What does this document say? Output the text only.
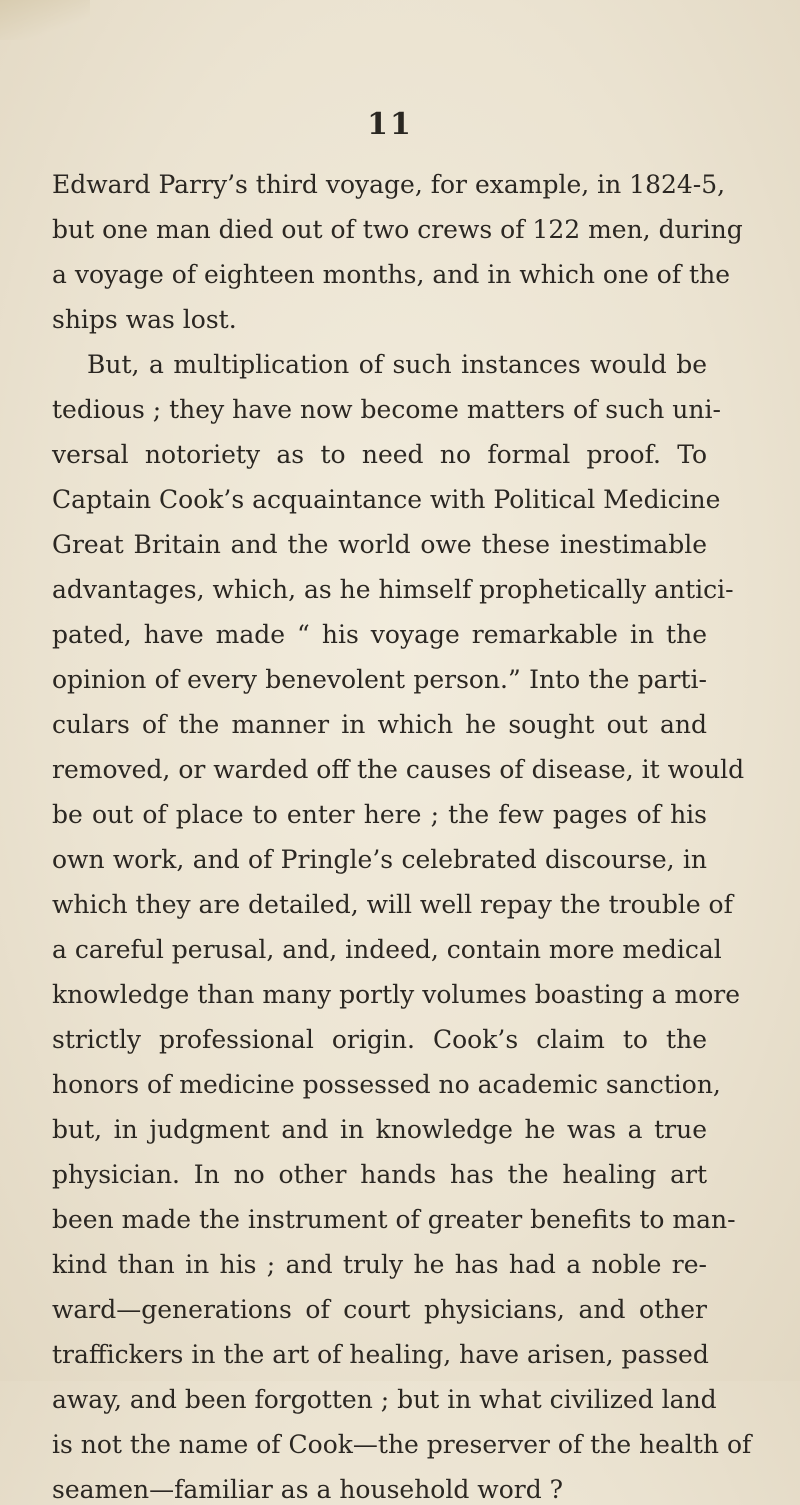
11
Edward Parry’s third voyage, for example, in 1824-5,
but one man died out of two crews of 122 men, during
a voyage of eighteen months, and in which one of the
ships was lost.
But, a multiplication of such instances would be
tedious ; they have now become matters of such uni-
versal notoriety as to need no formal proof. To
Captain Cook’s acquaintance with Political Medicine
Great Britain and the world owe these inestimable
advantages, which, as he himself prophetically antici-
pated, have made “ his voyage remarkable in the
opinion of every benevolent person.” Into the parti-
culars of the manner in which he sought out and
removed, or warded off the causes of disease, it would
be out of place to enter here ; the few pages of his
own work, and of Pringle’s celebrated discourse, in
which they are detailed, will well repay the trouble of
a careful perusal, and, indeed, contain more medical
knowledge than many portly volumes boasting a more
strictly professional origin. Cook’s claim to the
honors of medicine possessed no academic sanction,
but, in judgment and in knowledge he was a true
physician. In no other hands has the healing art
been made the instrument of greater benefits to man-
kind than in his ; and truly he has had a noble re-
ward—generations of court physicians, and other
traffickers in the art of healing, have arisen, passed
away, and been forgotten ; but in what civilized land
is not the name of Cook—the preserver of the health of
seamen—familiar as a household word ?
